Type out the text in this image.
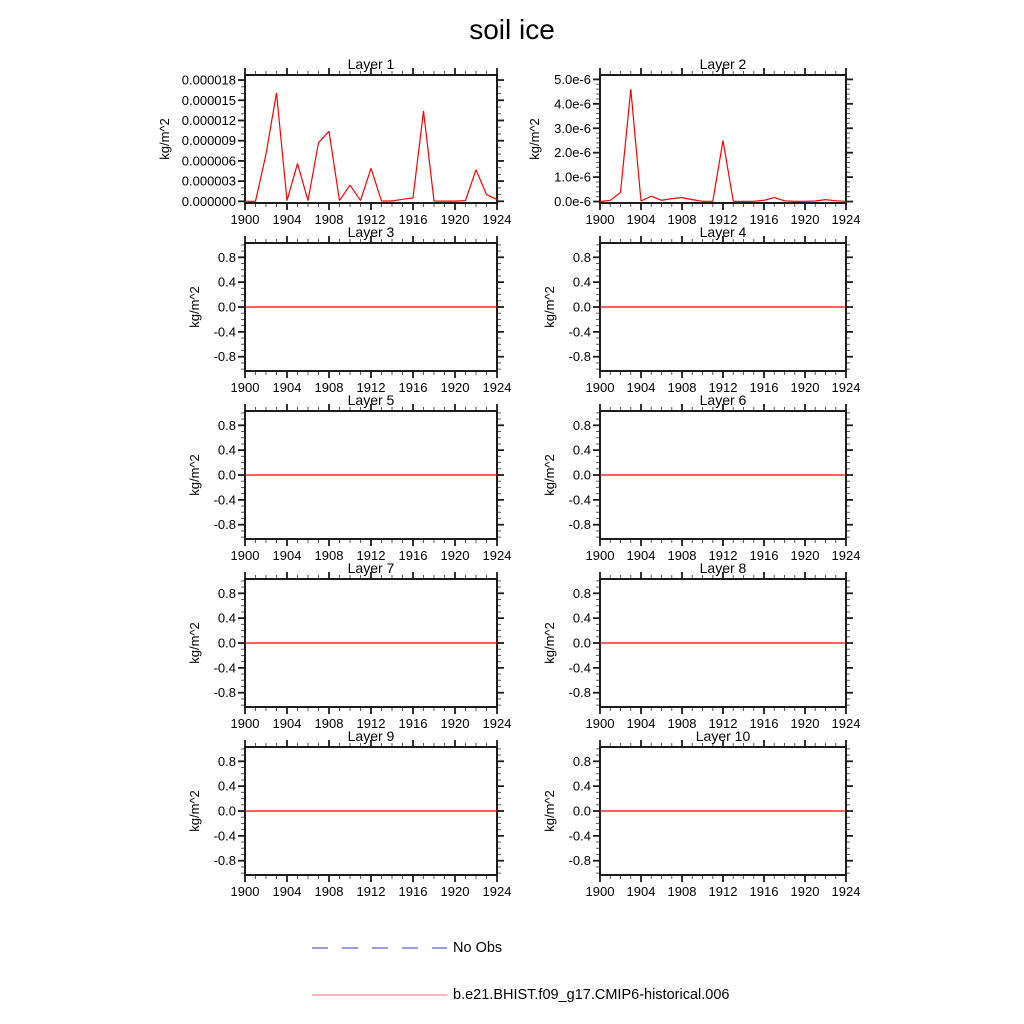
soil ice
1900 1904 1908 1912 1916 1920 1924
0.000000
0.000003
0.000006
0.000009
0.000012
0.000015
0.000018
Layer 1
kg/m^2
1900 1904 1908 1912 1916 1920 1924
0.0e-6
1.0e-6
2.0e-6
3.0e-6
4.0e-6
5.0e-6
Layer 2
kg/m^2
1900 1904 1908 1912 1916 1920 1924
-0.8
-0.4
0.0
0.4
0.8
Layer 3
kg/m^2
1900 1904 1908 1912 1916 1920 1924
-0.8
-0.4
0.0
0.4
0.8
Layer 4
kg/m^2
1900 1904 1908 1912 1916 1920 1924
-0.8
-0.4
0.0
0.4
0.8
Layer 5
kg/m^2
1900 1904 1908 1912 1916 1920 1924
-0.8
-0.4
0.0
0.4
0.8
Layer 6
kg/m^2
1900 1904 1908 1912 1916 1920 1924
-0.8
-0.4
0.0
0.4
0.8
Layer 7
kg/m^2
1900 1904 1908 1912 1916 1920 1924
-0.8
-0.4
0.0
0.4
0.8
Layer 8
kg/m^2
1900 1904 1908 1912 1916 1920 1924
-0.8
-0.4
0.0
0.4
0.8
Layer 9
kg/m^2
1900 1904 1908 1912 1916 1920 1924
-0.8
-0.4
0.0
0.4
0.8
Layer 10
kg/m^2
No Obs
b.e21.BHIST.f09_g17.CMIP6-historical.006
